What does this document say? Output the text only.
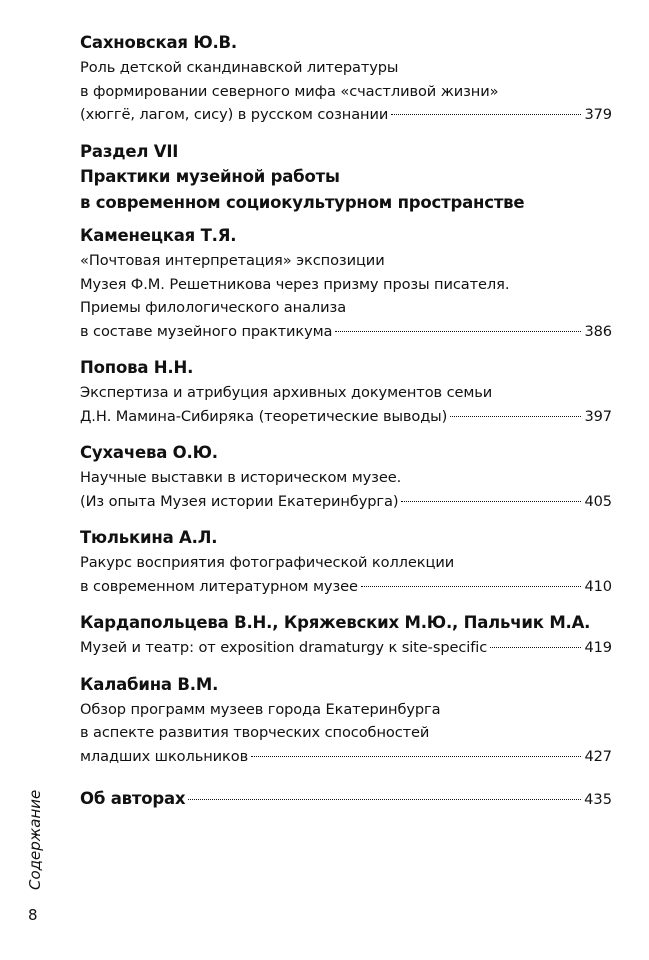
Сахновская Ю.В.
Роль детской скандинавской литературы
в формировании северного мифа «счастливой жизни»
(хюггё, лагом, сису) в русском сознании	379
Раздел VII
Практики музейной работы
в современном социокультурном пространстве
Каменецкая Т.Я.
«Почтовая интерпретация» экспозиции
Музея Ф.М. Решетникова через призму прозы писателя.
Приемы филологического анализа
в составе музейного практикума	386
Попова Н.Н.
Экспертиза и атрибуция архивных документов семьи
Д.Н. Мамина-Сибиряка (теоретические выводы)	397
Сухачева О.Ю.
Научные выставки в историческом музее.
(Из опыта Музея истории Екатеринбурга)	405
Тюлькина А.Л.
Ракурс восприятия фотографической коллекции
в современном литературном музее	410
Кардапольцева В.Н., Кряжевских М.Ю., Пальчик М.А.
Музей и театр: от exposition dramaturgy к site-specific	419
Калабина В.М.
Обзор программ музеев города Екатеринбурга
в аспекте развития творческих способностей
младших школьников	427
Об авторах	435
Содержание
8
